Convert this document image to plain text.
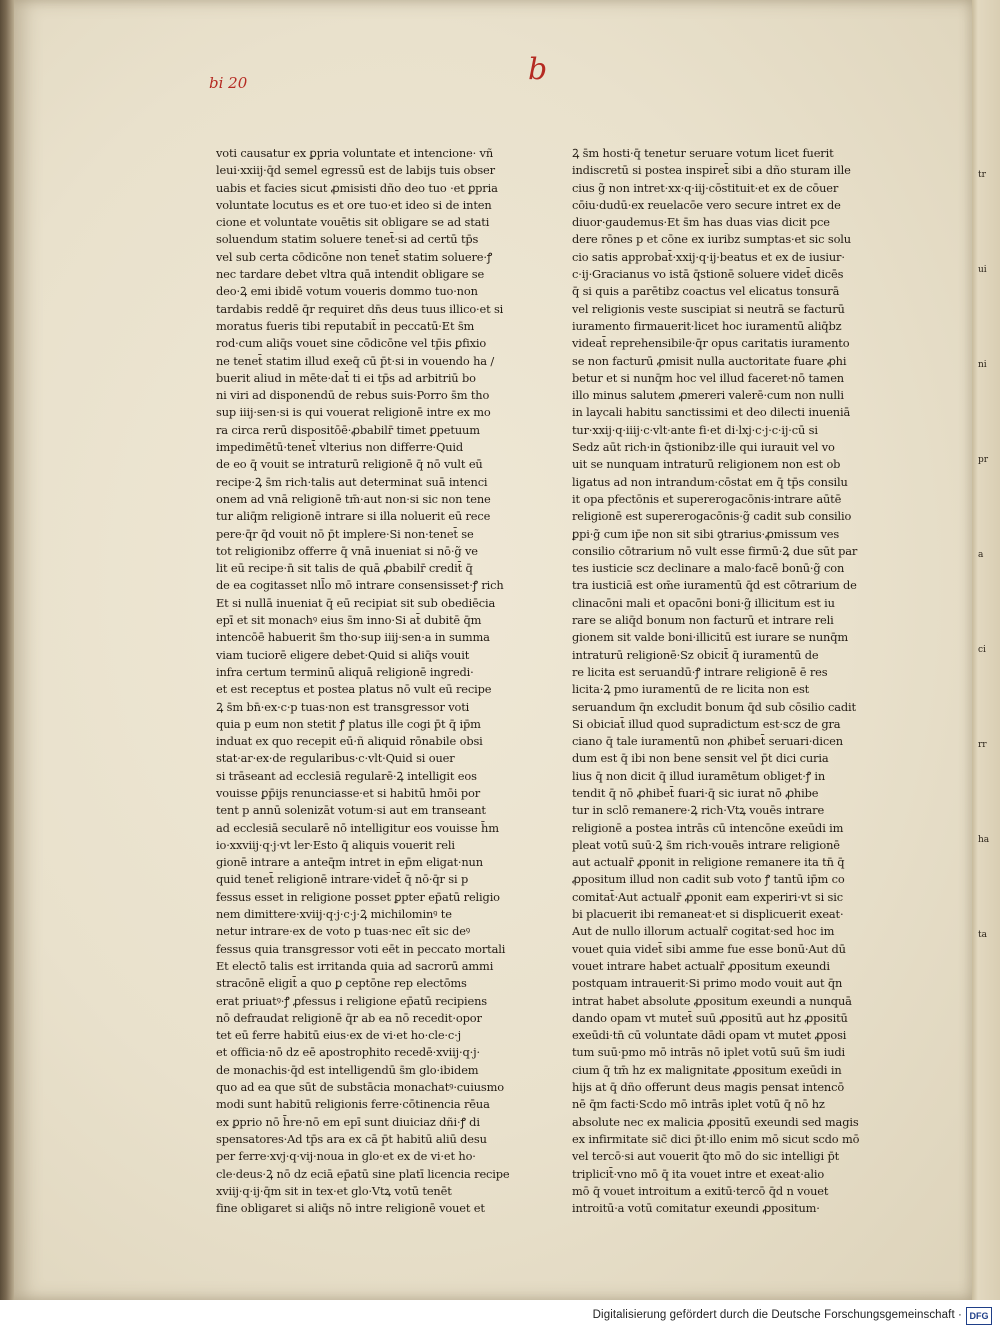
tr
ui
ni
pr
a
ci
rr
ha
ta
bi 20	b
voti causatur ex ꝑpria voluntate et intencione· vñ
leui·xxiij·q̄d semel egressū est de labijs tuis obser
uabis et facies sicut ꝓmisisti dño deo tuo ·et ꝑpria
voluntate locutus es et ore tuo·et ideo si de inten
cione et voluntate vouētis sit obligare se ad stati
soluendum statim soluere tenet̄·si ad certū tp̄s
vel sub certa cōdicōne non tenet̄ statim soluere·ꝭ
nec tardare debet vltra quā intendit obligare se
deo·Ꝝ emi ibidē votum voueris dommo tuo·non
tardabis reddē q̄r requiret dn̄s deus tuus illico·et si
moratus fueris tibi reputabit̄ in peccatū·Et s̄m
rod·cum aliq̄s vouet sine cōdicōne vel tp̄is ꝑfixio
ne tenet̄ statim illud exeq̄ cū p̄t·si in vouendo ha /
buerit aliud in mēte·dat̄ ti ei tp̄s ad arbitriū bo
ni viri ad disponendū de rebus suis·Porro s̄m tho
sup iiij·sen·si is qui vouerat religionē intre ex mo
ra circa rerū dispositōē·ꝓbabilr̄ timet ꝑpetuum
impedimētū·tenet̄ vlterius non differre·Quid
de eo q̄ vouit se intraturū religionē q̄ nō vult eū
recipe·Ꝝ s̄m rich·talis aut determinat suā intenci
onem ad vnā religionē tm̄·aut non·si sic non tene
tur aliq̄m religionē intrare si illa noluerit eū rece
pere·q̄r q̄d vouit nō p̄t implere·Si non·tenet̄ se
tot religionibz offerre q̄ vnā inueniat si nō·g̃ ve
lit eū recipe·n̄ sit talis de quā ꝓbabilr̄ credit̄ q̄
de ea cogitasset nll̄o mō intrare consensisset·ꝭ rich
Et si nullā inueniat q̄ eū recipiat sit sub obediēcia
epī et sit monachꝰ eius s̄m inno·Si at̄ dubitē q̄m
intencōē habuerit s̄m tho·sup iiij·sen·a in summa
viam tuciorē eligere debet·Quid si aliq̄s vouit
infra certum terminū aliquā religionē ingredi·
et est receptus et postea platus nō vult eū recipe
Ꝝ s̄m bn̄·ex·c·p tuas·non est transgressor voti
quia p eum non stetit ꝭ platus ille cogi p̄t q̄ ip̄m
induat ex quo recepit eū·ñ aliquid rōnabile obsi
stat·ar·ex·de regularibus·c·vlt·Quid si ouer
si trāseant ad ecclesiā regularē·Ꝝ intelligit eos
vouisse ꝑp̄ijs renunciasse·et si habitū hmōi por
tent p annū solenizāt votum·si aut em transeant
ad ecclesiā secularē nō intelligitur eos vouisse h̄m
io·xxviij·q·j·vt ler·Esto q̄ aliquis vouerit reli
gionē intrare a anteq̄m intret in ep̄m eligat·nun
quid tenet̄ religionē intrare·videt̄ q̄ nō·q̄r si p
fessus esset in religione posset ꝑpter ep̄atū religio
nem dimittere·xviij·q·j·c·j·Ꝝ michilominꝰ te
netur intrare·ex de voto p tuas·nec eīt sic deꝰ
fessus quia transgressor voti eēt in peccato mortali
Et electō talis est irritanda quia ad sacrorū ammi
stracōnē eligit̄ a quo ꝑ ceptōne rep electōms
erat priuatꝰ·ꝭ ꝓfessus i religione ep̄atū recipiens
nō defraudat religionē q̄r ab ea nō recedit·opor
tet eū ferre habitū eius·ex de vi·et ho·cle·c·j
et officia·nō dz eē apostrophito recedē·xviij·q·j·
de monachis·q̄d est intelligendū s̄m glo·ibidem
quo ad ea que sūt de substācia monachatꝰ·cuiusmo
modi sunt habitū religionis ferre·cōtinencia rēua
ex ꝑprio nō h̄re·nō em epī sunt diuiciaz dñi·ꝭ di
spensatores·Ad tp̄s ara ex cā p̄t habitū aliū desu
per ferre·xvj·q·vij·noua in glo·et ex de vi·et ho·
cle·deus·Ꝝ nō dz eciā ep̄atū sine platī licencia recipe
xviij·q·ij·q̄m sit in tex·et glo·Vtꝝ votū tenēt
fine obligaret si aliq̄s nō intre religionē vouet et
Ꝝ s̄m hosti·q̄ tenetur seruare votum licet fuerit
indiscretū si postea inspiret̄ sibi a dño sturam ille
cius g̃ non intret·xx·q·iij·cōstituit·et ex de cōuer
cōiu·dudū·ex reuelacōe vero secure intret ex de
diuor·gaudemus·Et s̄m has duas vias dicit pce
dere rōnes p et cōne ex iuribz sumptas·et sic solu
cio satis approbat̄·xxij·q·ij·beatus et ex de iusiur·
c·ij·Gracianus vo istā q̄stionē soluere videt̄ dicēs
q̄ si quis a parētibz coactus vel elicatus tonsurā
vel religionis veste suscipiat si neutrā se facturū
iuramento firmauerit·licet hoc iuramentū aliq̄bz
videat̄ reprehensibile·q̄r opus caritatis iuramento
se non facturū ꝓmisit nulla auctoritate fuare ꝓhi
betur et si nunq̄m hoc vel illud faceret·nō tamen
illo minus salutem ꝓmereri valerē·cum non nulli
in laycali habitu sanctissimi et deo dilecti inueniā
tur·xxij·q·iiij·c·vlt·ante fi·et di·lxj·c·j·c·ij·cū si
Sedz aūt rich·in q̄stionibz·ille qui iurauit vel vo
uit se nunquam intraturū religionem non est ob
ligatus ad non intrandum·cōstat em q̄ tp̄s consilu
it opa pfectōnis et supererogacōnis·intrare aūtē
religionē est supererogacōnis·g̃ cadit sub consilio
ꝑpi·g̃ cum ip̄e non sit sibi ꝯtrarius·ꝓmissum ves
consilio cōtrarium nō vult esse firmū·Ꝝ due sūt par
tes iusticie scz declinare a malo·facē bonū·g̃ con
tra iusticiā est om̄e iuramentū q̄d est cōtrarium de
clinacōni mali et opacōni boni·g̃ illicitum est iu
rare se aliq̄d bonum non facturū et intrare reli
gionem sit valde boni·illicitū est iurare se nunq̄m
intraturū religionē·Sz obicit̄ q̄ iuramentū de
re licita est seruandū·ꝭ intrare religionē ē res
licita·Ꝝ pmo iuramentū de re licita non est
seruandum q̄n excludit bonum q̄d sub cōsilio cadit
Si obiciat̄ illud quod supradictum est·scz de gra
ciano q̄ tale iuramentū non ꝓhibet̄ seruari·dicen
dum est q̄ ibi non bene sensit vel p̄t dici curia
lius q̄ non dicit q̄ illud iuramētum obliget·ꝭ in
tendit q̄ nō ꝓhibet̄ fuari·q̄ sic iurat nō ꝓhibe
tur in sclō remanere·Ꝝ rich·Vtꝝ vouēs intrare
religionē a postea intrās cū intencōne exeūdi im
pleat votū suū·Ꝝ s̄m rich·vouēs intrare religionē
aut actualr̄ ꝓponit in religione remanere ita tn̄ q̄
ꝓpositum illud non cadit sub voto ꝭ tantū ip̄m co
comitat̄·Aut actualr̄ ꝓponit eam experiri·vt si sic
bi placuerit ibi remaneat·et si displicuerit exeat·
Aut de nullo illorum actualr̄ cogitat·sed hoc im
vouet quia videt̄ sibi amme fue esse bonū·Aut dū
vouet intrare habet actualr̄ ꝓpositum exeundi
postquam intrauerit·Si primo modo vouit aut q̄n
intrat habet absolute ꝓpositum exeundi a nunquā
dando opam vt mutet̄ suū ꝓpositū aut hz ꝓpositū
exeūdi·tn̄ cū voluntate dādi opam vt mutet ꝓposi
tum suū·pmo mō intrās nō iplet votū suū s̄m iudi
cium q̄ tm̄ hz ex malignitate ꝓpositum exeūdi in
hijs at q̄ dño offerunt deus magis pensat intencō
nē q̄m facti·Scdo mō intrās iplet votū q̄ nō hz
absolute nec ex malicia ꝓpositū exeundi sed magis
ex infirmitate sic̄ dici p̄t·illo enim mō sicut scdo mō
vel tercō·si aut vouerit q̄to mō do sic intelligi p̄t
triplicit̄·vno mō q̄ ita vouet intre et exeat·alio
mō q̄ vouet introitum a exitū·tercō q̄d n vouet
introitū·a votū comitatur exeundi ꝓpositum·
Digitalisierung gefördert durch die Deutsche Forschungsgemeinschaft · DFG
